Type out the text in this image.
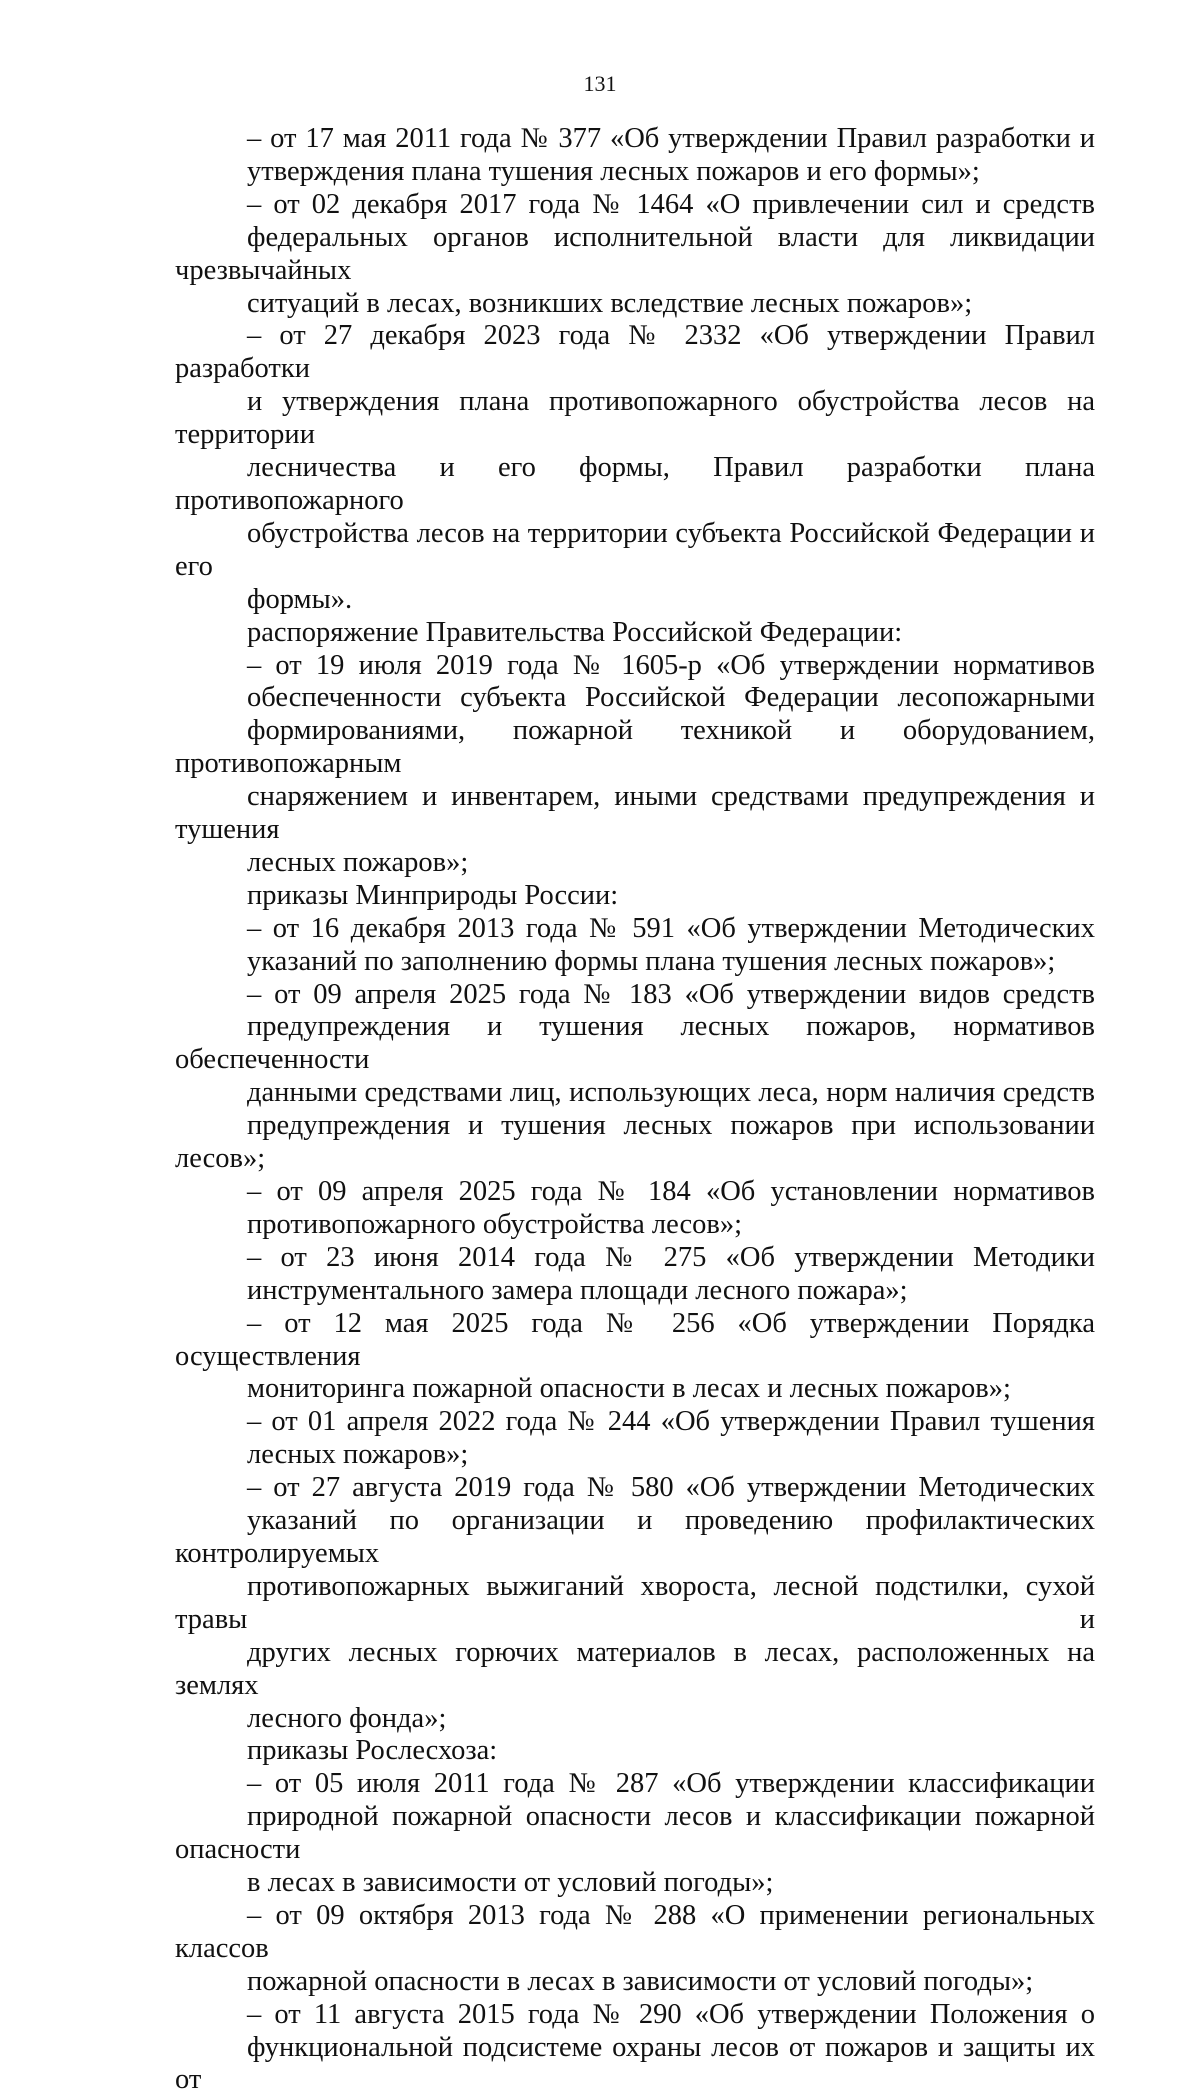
131
– от 17 мая 2011 года № 377 «Об утверждении Правил разработки и
утверждения плана тушения лесных пожаров и его формы»;
– от 02 декабря 2017 года № 1464 «О привлечении сил и средств
федеральных органов исполнительной власти для ликвидации чрезвычайных
ситуаций в лесах, возникших вследствие лесных пожаров»;
– от 27 декабря 2023 года № 2332 «Об утверждении Правил разработки
и утверждения плана противопожарного обустройства лесов на территории
лесничества и его формы, Правил разработки плана противопожарного
обустройства лесов на территории субъекта Российской Федерации и его
формы».
распоряжение Правительства Российской Федерации:
– от 19 июля 2019 года № 1605-р «Об утверждении нормативов
обеспеченности субъекта Российской Федерации лесопожарными
формированиями, пожарной техникой и оборудованием, противопожарным
снаряжением и инвентарем, иными средствами предупреждения и тушения
лесных пожаров»;
приказы Минприроды России:
– от 16 декабря 2013 года № 591 «Об утверждении Методических
указаний по заполнению формы плана тушения лесных пожаров»;
– от 09 апреля 2025 года № 183 «Об утверждении видов средств
предупреждения и тушения лесных пожаров, нормативов обеспеченности
данными средствами лиц, использующих леса, норм наличия средств
предупреждения и тушения лесных пожаров при использовании лесов»;
– от 09 апреля 2025 года № 184 «Об установлении нормативов
противопожарного обустройства лесов»;
– от 23 июня 2014 года № 275 «Об утверждении Методики
инструментального замера площади лесного пожара»;
– от 12 мая 2025 года № 256 «Об утверждении Порядка осуществления
мониторинга пожарной опасности в лесах и лесных пожаров»;
– от 01 апреля 2022 года № 244 «Об утверждении Правил тушения
лесных пожаров»;
– от 27 августа 2019 года № 580 «Об утверждении Методических
указаний по организации и проведению профилактических контролируемых
противопожарных выжиганий хвороста, лесной подстилки, сухой травы и
других лесных горючих материалов в лесах, расположенных на землях
лесного фонда»;
приказы Рослесхоза:
– от 05 июля 2011 года № 287 «Об утверждении классификации
природной пожарной опасности лесов и классификации пожарной опасности
в лесах в зависимости от условий погоды»;
– от 09 октября 2013 года № 288 «О применении региональных классов
пожарной опасности в лесах в зависимости от условий погоды»;
– от 11 августа 2015 года № 290 «Об утверждении Положения о
функциональной подсистеме охраны лесов от пожаров и защиты их от
